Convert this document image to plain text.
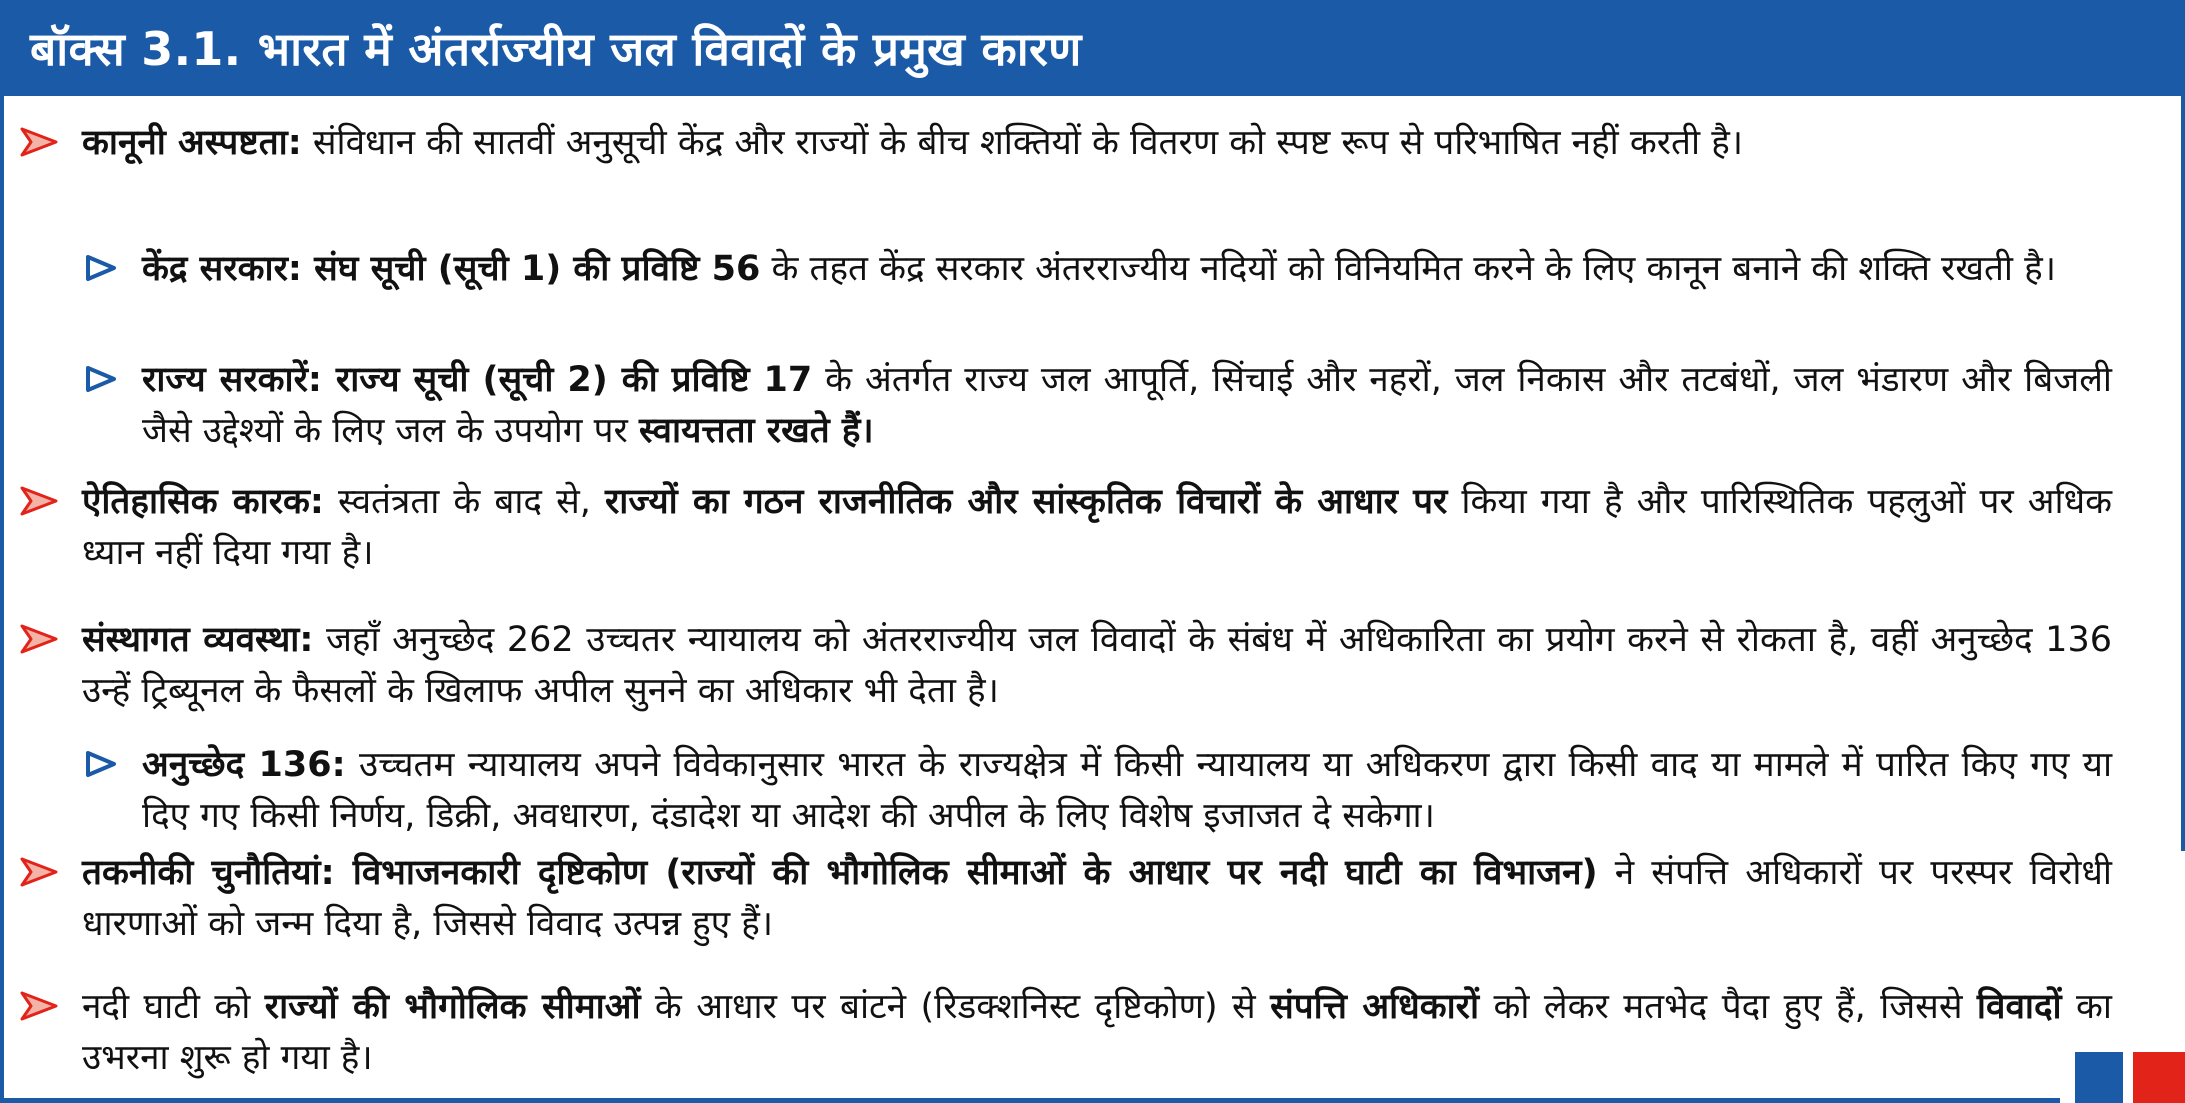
बॉक्स 3.1. भारत में अंतर्राज्यीय जल विवादों के प्रमुख कारण
कानूनी अस्पष्टता: संविधान की सातवीं अनुसूची केंद्र और राज्यों के बीच शक्तियों के वितरण को स्पष्ट रूप से परिभाषित नहीं करती है।
केंद्र सरकार: संघ सूची (सूची 1) की प्रविष्टि 56 के तहत केंद्र सरकार अंतरराज्यीय नदियों को विनियमित करने के लिए कानून बनाने की शक्ति रखती है।
राज्य सरकारें: राज्य सूची (सूची 2) की प्रविष्टि 17 के अंतर्गत राज्य जल आपूर्ति, सिंचाई और नहरों, जल निकास और तटबंधों, जल भंडारण और बिजली जैसे उद्देश्यों के लिए जल के उपयोग पर स्वायत्तता रखते हैं।
ऐतिहासिक कारक: स्वतंत्रता के बाद से, राज्यों का गठन राजनीतिक और सांस्कृतिक विचारों के आधार पर किया गया है और पारिस्थितिक पहलुओं पर अधिक ध्यान नहीं दिया गया है।
संस्थागत व्यवस्था: जहाँ अनुच्छेद 262 उच्चतर न्यायालय को अंतरराज्यीय जल विवादों के संबंध में अधिकारिता का प्रयोग करने से रोकता है, वहीं अनुच्छेद 136 उन्हें ट्रिब्यूनल के फैसलों के खिलाफ अपील सुनने का अधिकार भी देता है।
अनुच्छेद 136: उच्चतम न्यायालय अपने विवेकानुसार भारत के राज्यक्षेत्र में किसी न्यायालय या अधिकरण द्वारा किसी वाद या मामले में पारित किए गए या दिए गए किसी निर्णय, डिक्री, अवधारण, दंडादेश या आदेश की अपील के लिए विशेष इजाजत दे सकेगा।
तकनीकी चुनौतियां: विभाजनकारी दृष्टिकोण (राज्यों की भौगोलिक सीमाओं के आधार पर नदी घाटी का विभाजन) ने संपत्ति अधिकारों पर परस्पर विरोधी धारणाओं को जन्म दिया है, जिससे विवाद उत्पन्न हुए हैं।
नदी घाटी को राज्यों की भौगोलिक सीमाओं के आधार पर बांटने (रिडक्शनिस्ट दृष्टिकोण) से संपत्ति अधिकारों को लेकर मतभेद पैदा हुए हैं, जिससे विवादों का उभरना शुरू हो गया है।
